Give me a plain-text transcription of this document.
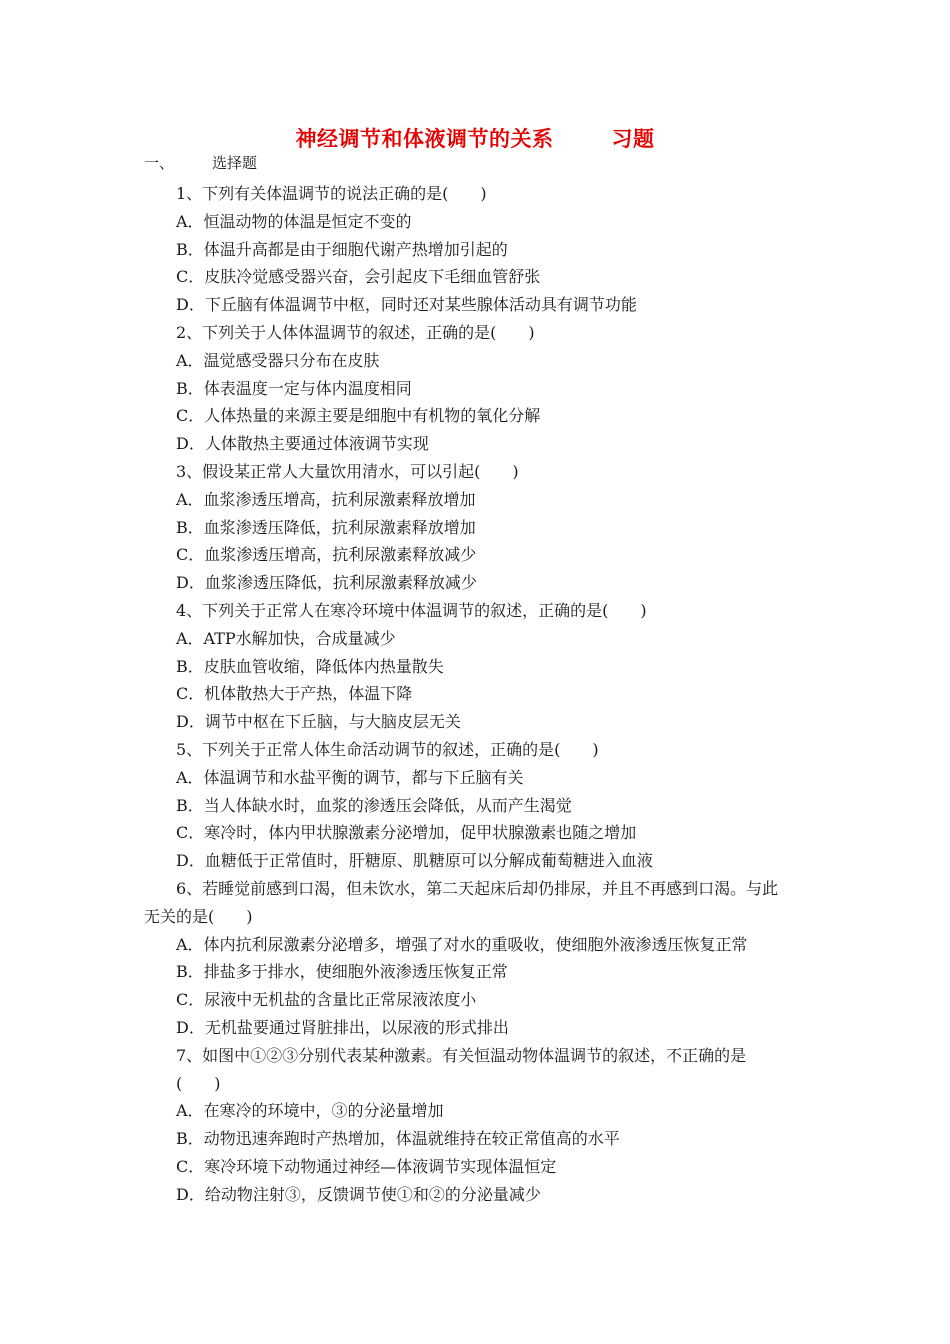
神经调节和体液调节的关系	习题
一、	选择题
1、下列有关体温调节的说法正确的是(　　)
A．恒温动物的体温是恒定不变的
B．体温升高都是由于细胞代谢产热增加引起的
C．皮肤冷觉感受器兴奋，会引起皮下毛细血管舒张
D．下丘脑有体温调节中枢，同时还对某些腺体活动具有调节功能
2、下列关于人体体温调节的叙述，正确的是(　　)
A．温觉感受器只分布在皮肤
B．体表温度一定与体内温度相同
C．人体热量的来源主要是细胞中有机物的氧化分解
D．人体散热主要通过体液调节实现
3、假设某正常人大量饮用清水，可以引起(　　)
A．血浆渗透压增高，抗利尿激素释放增加
B．血浆渗透压降低，抗利尿激素释放增加
C．血浆渗透压增高，抗利尿激素释放减少
D．血浆渗透压降低，抗利尿激素释放减少
4、下列关于正常人在寒冷环境中体温调节的叙述，正确的是(　　)
A．ATP水解加快，合成量减少
B．皮肤血管收缩，降低体内热量散失
C．机体散热大于产热，体温下降
D．调节中枢在下丘脑，与大脑皮层无关
5、下列关于正常人体生命活动调节的叙述，正确的是(　　)
A．体温调节和水盐平衡的调节，都与下丘脑有关
B．当人体缺水时，血浆的渗透压会降低，从而产生渴觉
C．寒冷时，体内甲状腺激素分泌增加，促甲状腺激素也随之增加
D．血糖低于正常值时，肝糖原、肌糖原可以分解成葡萄糖进入血液
6、若睡觉前感到口渴，但未饮水，第二天起床后却仍排尿，并且不再感到口渴。与此
无关的是(　　)
A．体内抗利尿激素分泌增多，增强了对水的重吸收，使细胞外液渗透压恢复正常
B．排盐多于排水，使细胞外液渗透压恢复正常
C．尿液中无机盐的含量比正常尿液浓度小
D．无机盐要通过肾脏排出，以尿液的形式排出
7、如图中①②③分别代表某种激素。有关恒温动物体温调节的叙述，不正确的是
(　　)
A．在寒冷的环境中，③的分泌量增加
B．动物迅速奔跑时产热增加，体温就维持在较正常值高的水平
C．寒冷环境下动物通过神经—体液调节实现体温恒定
D．给动物注射③，反馈调节使①和②的分泌量减少
